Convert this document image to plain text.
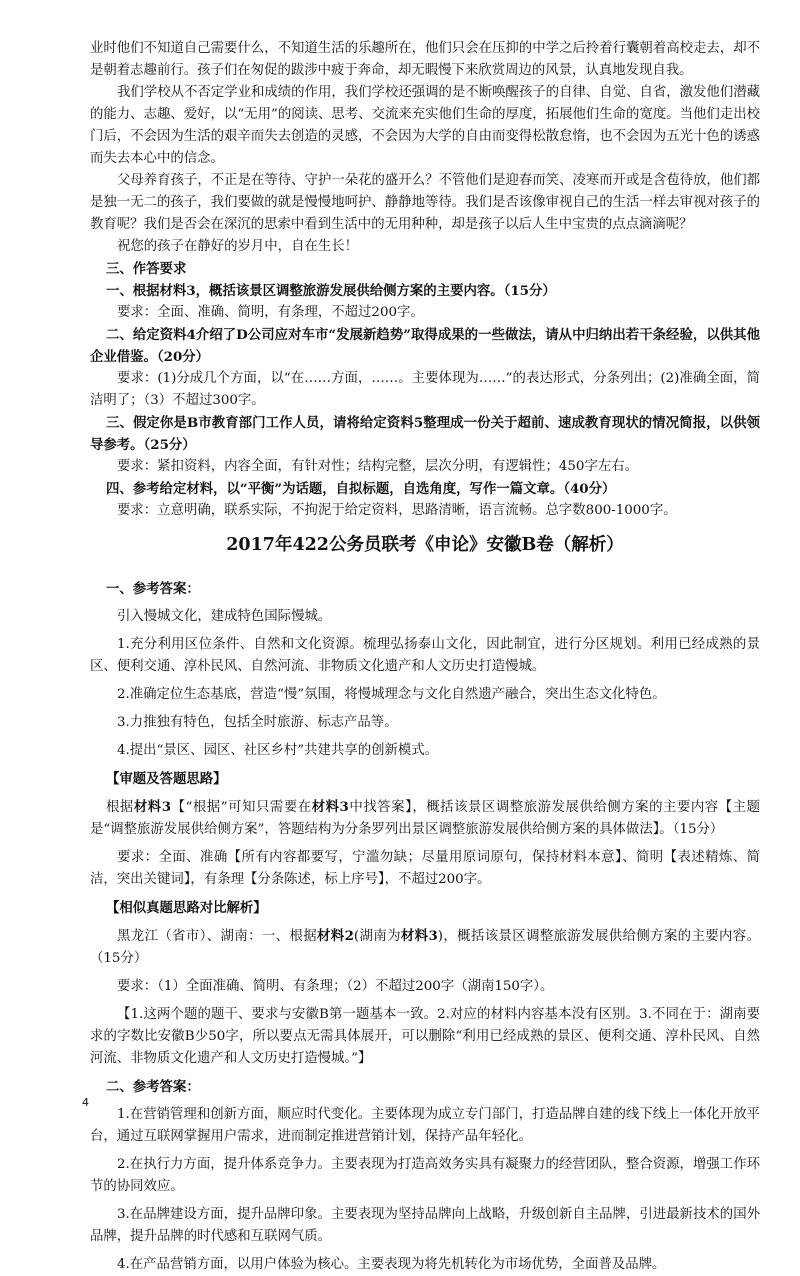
业时他们不知道自己需要什么，不知道生活的乐趣所在，他们只会在压抑的中学之后拎着行囊朝着高校走去，却不是朝着志趣前行。孩子们在匆促的跋涉中疲于奔命，却无暇慢下来欣赏周边的风景，认真地发现自我。

我们学校从不否定学业和成绩的作用，我们学校还强调的是不断唤醒孩子的自律、自觉、自省，激发他们潜藏的能力、志趣、爱好，以“无用”的阅读、思考、交流来充实他们生命的厚度，拓展他们生命的宽度。当他们走出校门后，不会因为生活的艰辛而失去创造的灵感，不会因为大学的自由而变得松散怠惰，也不会因为五光十色的诱惑而失去本心中的信念。

父母养育孩子，不正是在等待、守护一朵花的盛开么？不管他们是迎春而笑、凌寒而开或是含苞待放，他们都是独一无二的孩子，我们要做的就是慢慢地呵护、静静地等待。我们是否该像审视自己的生活一样去审视对孩子的教育呢？我们是否会在深沉的思索中看到生活中的无用种种，却是孩子以后人生中宝贵的点点滴滴呢？

祝您的孩子在静好的岁月中，自在生长！

三、作答要求

一、根据材料3，概括该景区调整旅游发展供给侧方案的主要内容。（15分）

要求：全面、准确、简明，有条理，不超过200字。

二、给定资料4介绍了D公司应对车市“发展新趋势”取得成果的一些做法，请从中归纳出若干条经验，以供其他企业借鉴。（20分）

要求：(1)分成几个方面，以“在……方面，……。主要体现为……”的表达形式，分条列出；(2)准确全面，简洁明了；（3）不超过300字。

三、假定你是B市教育部门工作人员，请将给定资料5整理成一份关于超前、速成教育现状的情况简报，以供领导参考。（25分）

要求：紧扣资料，内容全面，有针对性；结构完整，层次分明，有逻辑性；450字左右。

四、参考给定材料，以“平衡”为话题，自拟标题，自选角度，写作一篇文章。（40分）

要求：立意明确，联系实际，不拘泥于给定资料，思路清晰，语言流畅。总字数800-1000字。

2017年422公务员联考《申论》安徽B卷（解析）

一、参考答案：

引入慢城文化，建成特色国际慢城。

1.充分利用区位条件、自然和文化资源。梳理弘扬泰山文化，因此制宜，进行分区规划。利用已经成熟的景区、便利交通、淳朴民风、自然河流、非物质文化遗产和人文历史打造慢城。

2.准确定位生态基底，营造“慢”氛围，将慢城理念与文化自然遗产融合，突出生态文化特色。

3.力推独有特色，包括全时旅游、标志产品等。

4.提出“景区、园区、社区乡村”共建共享的创新模式。

【审题及答题思路】

根据材料3【“根据”可知只需要在材料3中找答案】，概括该景区调整旅游发展供给侧方案的主要内容【主题是“调整旅游发展供给侧方案”，答题结构为分条罗列出景区调整旅游发展供给侧方案的具体做法】。（15分）

要求：全面、准确【所有内容都要写，宁滥勿缺；尽量用原词原句，保持材料本意】、简明【表述精炼、简洁，突出关键词】，有条理【分条陈述，标上序号】，不超过200字。

【相似真题思路对比解析】

黑龙江（省市）、湖南：一、根据材料2(湖南为材料3)，概括该景区调整旅游发展供给侧方案的主要内容。（15分）

要求：（1）全面准确、简明、有条理；（2）不超过200字（湖南150字）。

【1.这两个题的题干、要求与安徽B第一题基本一致。2.对应的材料内容基本没有区别。3.不同在于：湖南要求的字数比安徽B少50字，所以要点无需具体展开，可以删除“利用已经成熟的景区、便利交通、淳朴民风、自然河流、非物质文化遗产和人文历史打造慢城。”】

二、参考答案：

1.在营销管理和创新方面，顺应时代变化。主要体现为成立专门部门，打造品牌自建的线下线上一体化开放平台，通过互联网掌握用户需求，进而制定推进营销计划，保持产品年轻化。

2.在执行力方面，提升体系竞争力。主要表现为打造高效务实具有凝聚力的经营团队，整合资源，增强工作环节的协同效应。

3.在品牌建设方面，提升品牌印象。主要表现为坚持品牌向上战略，升级创新自主品牌，引进最新技术的国外品牌，提升品牌的时代感和互联网气质。

4.在产品营销方面，以用户体验为核心。主要表现为将先机转化为市场优势，全面普及品牌。

4
